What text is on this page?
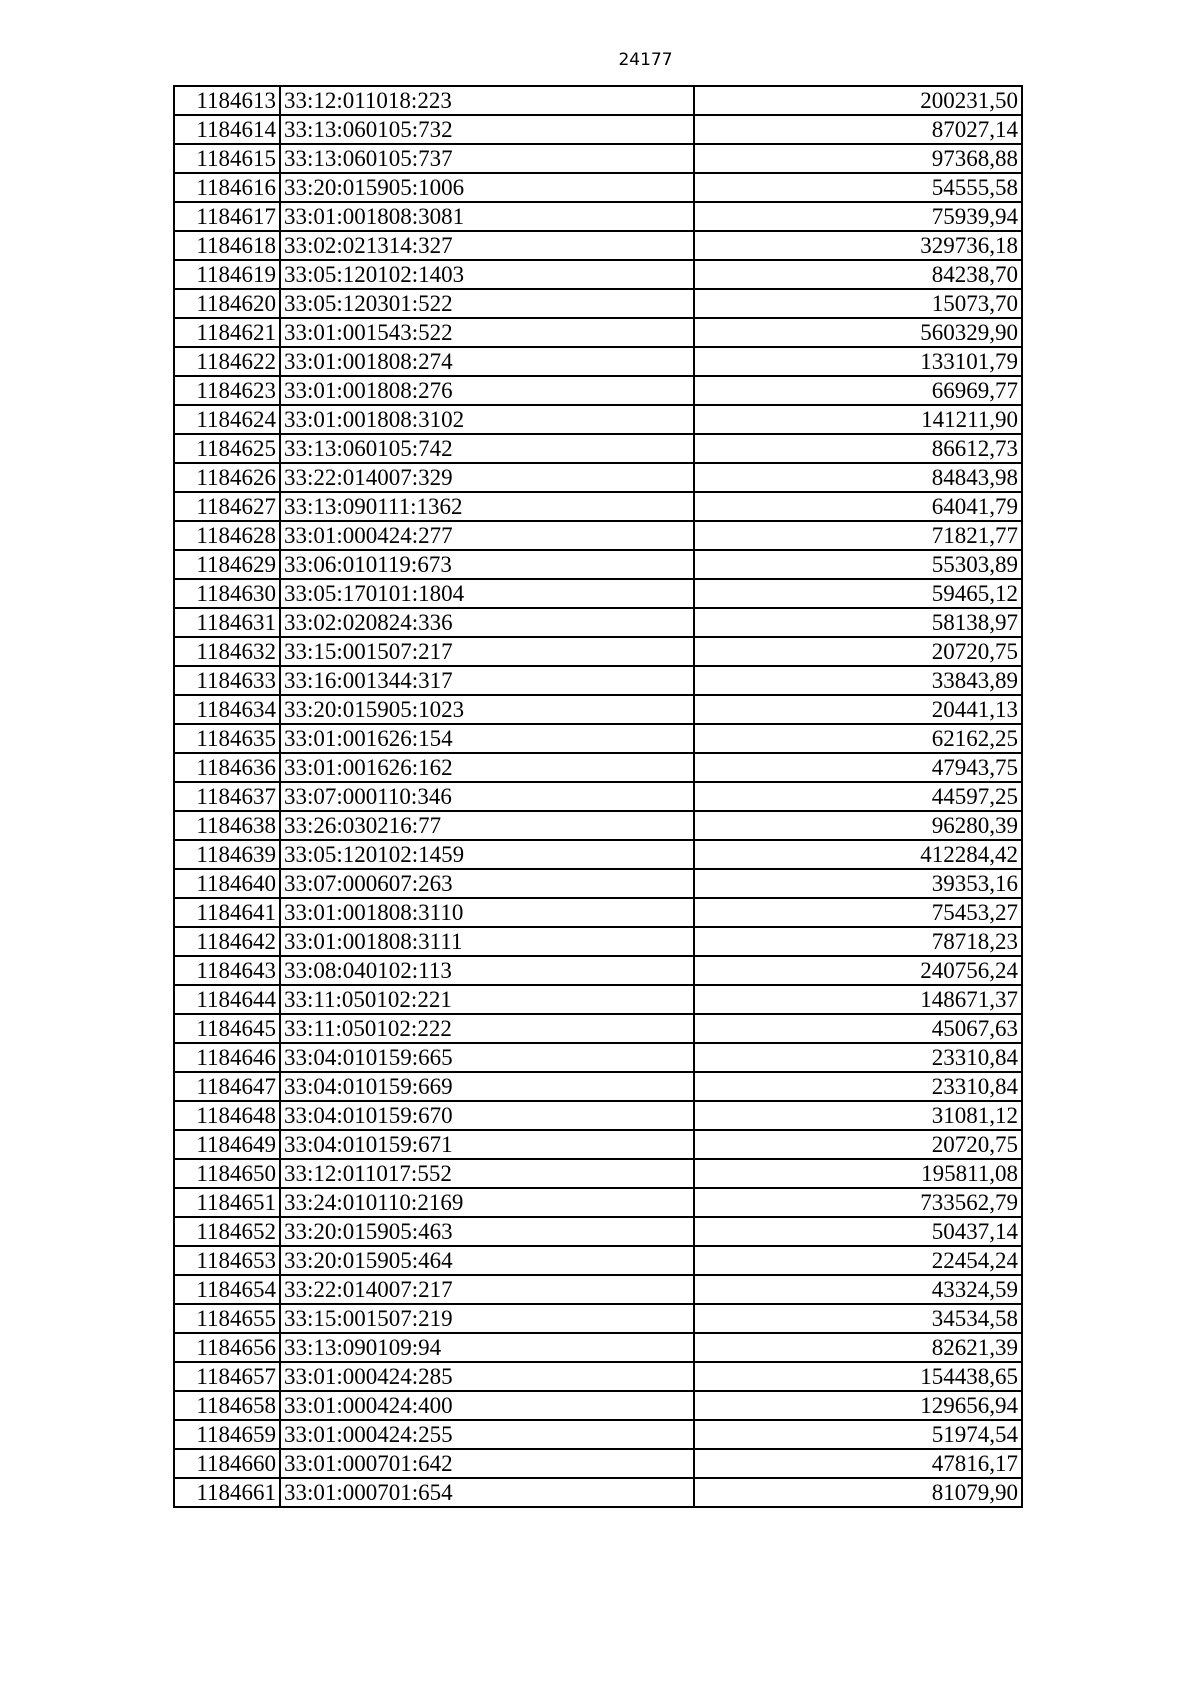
24177
1184613	33:12:011018:223	200231,50
1184614	33:13:060105:732	87027,14
1184615	33:13:060105:737	97368,88
1184616	33:20:015905:1006	54555,58
1184617	33:01:001808:3081	75939,94
1184618	33:02:021314:327	329736,18
1184619	33:05:120102:1403	84238,70
1184620	33:05:120301:522	15073,70
1184621	33:01:001543:522	560329,90
1184622	33:01:001808:274	133101,79
1184623	33:01:001808:276	66969,77
1184624	33:01:001808:3102	141211,90
1184625	33:13:060105:742	86612,73
1184626	33:22:014007:329	84843,98
1184627	33:13:090111:1362	64041,79
1184628	33:01:000424:277	71821,77
1184629	33:06:010119:673	55303,89
1184630	33:05:170101:1804	59465,12
1184631	33:02:020824:336	58138,97
1184632	33:15:001507:217	20720,75
1184633	33:16:001344:317	33843,89
1184634	33:20:015905:1023	20441,13
1184635	33:01:001626:154	62162,25
1184636	33:01:001626:162	47943,75
1184637	33:07:000110:346	44597,25
1184638	33:26:030216:77	96280,39
1184639	33:05:120102:1459	412284,42
1184640	33:07:000607:263	39353,16
1184641	33:01:001808:3110	75453,27
1184642	33:01:001808:3111	78718,23
1184643	33:08:040102:113	240756,24
1184644	33:11:050102:221	148671,37
1184645	33:11:050102:222	45067,63
1184646	33:04:010159:665	23310,84
1184647	33:04:010159:669	23310,84
1184648	33:04:010159:670	31081,12
1184649	33:04:010159:671	20720,75
1184650	33:12:011017:552	195811,08
1184651	33:24:010110:2169	733562,79
1184652	33:20:015905:463	50437,14
1184653	33:20:015905:464	22454,24
1184654	33:22:014007:217	43324,59
1184655	33:15:001507:219	34534,58
1184656	33:13:090109:94	82621,39
1184657	33:01:000424:285	154438,65
1184658	33:01:000424:400	129656,94
1184659	33:01:000424:255	51974,54
1184660	33:01:000701:642	47816,17
1184661	33:01:000701:654	81079,90
